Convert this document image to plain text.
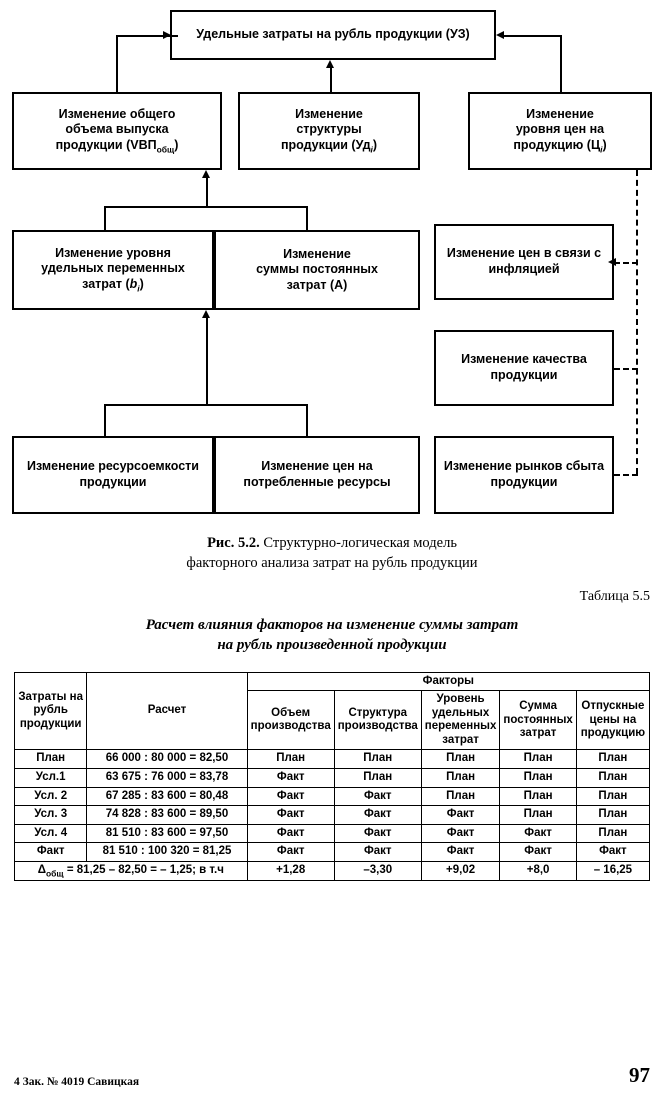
Удельные затраты на рубль продукции (УЗ)
Изменение общего
объема выпуска
продукции $(VВП_{общ})$
Изменение
структуры
продукции $(Уд_i)$
Изменение
уровня цен на
продукцию $(Ц_i)$
Изменение уровня
удельных переменных
затрат $(b_i)$
Изменение
суммы постоянных
затрат (А)
Изменение цен в связи с инфляцией
Изменение качества продукции
Изменение ресурсоемкости продукции
Изменение цен на потребленные ресурсы
Изменение рынков сбыта продукции
Рис. 5.2. Структурно-логическая модель
факторного анализа затрат на рубль продукции
Таблица 5.5
Расчет влияния факторов на изменение суммы затрат
на рубль произведенной продукции
Затраты на рубль продукции	Расчет	Факторы				
		Объем производства	Структура производства	Уровень удельных переменных затрат	Сумма постоянных затрат	Отпускные цены на продукцию
План	66 000 : 80 000 = 82,50	План	План	План	План	План
Усл.1	63 675 : 76 000 = 83,78	Факт	План	План	План	План
Усл. 2	67 285 : 83 600 = 80,48	Факт	Факт	План	План	План
Усл. 3	74 828 : 83 600 = 89,50	Факт	Факт	Факт	План	План
Усл. 4	81 510 : 83 600 = 97,50	Факт	Факт	Факт	Факт	План
Факт	81 510 : 100 320 = 81,25	Факт	Факт	Факт	Факт	Факт
$\Delta_{общ} = 81,25 - 82,50$ = – 1,25; в т.ч		+1,28	–3,30	+9,02	+8,0	– 16,25
4 Зак. № 4019 Савицкая	97
